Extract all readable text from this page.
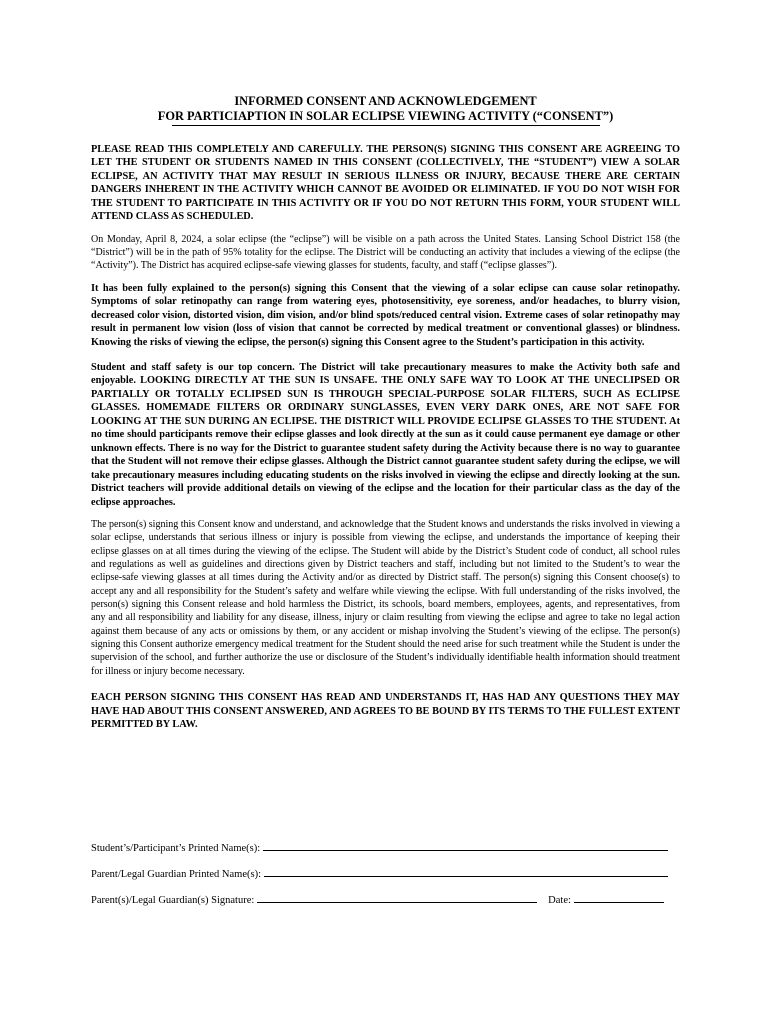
INFORMED CONSENT AND ACKNOWLEDGEMENT

FOR PARTICIAPTION IN SOLAR ECLIPSE VIEWING ACTIVITY (“CONSENT”)

PLEASE READ THIS COMPLETELY AND CAREFULLY. THE PERSON(S) SIGNING THIS CONSENT ARE AGREEING TO LET THE STUDENT OR STUDENTS NAMED IN THIS CONSENT (COLLECTIVELY, THE “STUDENT”) VIEW A SOLAR ECLIPSE, AN ACTIVITY THAT MAY RESULT IN SERIOUS ILLNESS OR INJURY, BECAUSE THERE ARE CERTAIN DANGERS INHERENT IN THE ACTIVITY WHICH CANNOT BE AVOIDED OR ELIMINATED. IF YOU DO NOT WISH FOR THE STUDENT TO PARTICIPATE IN THIS ACTIVITY OR IF YOU DO NOT RETURN THIS FORM, YOUR STUDENT WILL ATTEND CLASS AS SCHEDULED.

On Monday, April 8, 2024, a solar eclipse (the “eclipse”) will be visible on a path across the United States. Lansing School District 158 (the “District”) will be in the path of 95% totality for the eclipse. The District will be conducting an activity that includes a viewing of the eclipse (the “Activity”). The District has acquired eclipse-safe viewing glasses for students, faculty, and staff (“eclipse glasses”).

It has been fully explained to the person(s) signing this Consent that the viewing of a solar eclipse can cause solar retinopathy. Symptoms of solar retinopathy can range from watering eyes, photosensitivity, eye soreness, and/or headaches, to blurry vision, decreased color vision, distorted vision, dim vision, and/or blind spots/reduced central vision. Extreme cases of solar retinopathy may result in permanent low vision (loss of vision that cannot be corrected by medical treatment or conventional glasses) or blindness. Knowing the risks of viewing the eclipse, the person(s) signing this Consent agree to the Student’s participation in this activity.

Student and staff safety is our top concern. The District will take precautionary measures to make the Activity both safe and enjoyable. LOOKING DIRECTLY AT THE SUN IS UNSAFE. THE ONLY SAFE WAY TO LOOK AT THE UNECLIPSED OR PARTIALLY OR TOTALLY ECLIPSED SUN IS THROUGH SPECIAL-PURPOSE SOLAR FILTERS, SUCH AS ECLIPSE GLASSES. HOMEMADE FILTERS OR ORDINARY SUNGLASSES, EVEN VERY DARK ONES, ARE NOT SAFE FOR LOOKING AT THE SUN DURING AN ECLIPSE. THE DISTRICT WILL PROVIDE ECLIPSE GLASSES TO THE STUDENT. At no time should participants remove their eclipse glasses and look directly at the sun as it could cause permanent eye damage or other unknown effects. There is no way for the District to guarantee student safety during the Activity because there is no way to guarantee that the Student will not remove their eclipse glasses. Although the District cannot guarantee student safety during the eclipse, we will take precautionary measures including educating students on the risks involved in viewing the eclipse and directly looking at the sun. District teachers will provide additional details on viewing of the eclipse and the location for their particular class as the day of the eclipse approaches.

The person(s) signing this Consent know and understand, and acknowledge that the Student knows and understands the risks involved in viewing a solar eclipse, understands that serious illness or injury is possible from viewing the eclipse, and understands the importance of keeping their eclipse glasses on at all times during the viewing of the eclipse. The Student will abide by the District’s Student code of conduct, all school rules and regulations as well as guidelines and directions given by District teachers and staff, including but not limited to the Student’s to wear the eclipse-safe viewing glasses at all times during the Activity and/or as directed by District staff. The person(s) signing this Consent choose(s) to accept any and all responsibility for the Student’s safety and welfare while viewing the eclipse. With full understanding of the risks involved, the person(s) signing this Consent release and hold harmless the District, its schools, board members, employees, agents, and representatives, from any and all responsibility and liability for any disease, illness, injury or claim resulting from viewing the eclipse and agree to take no legal action against them because of any acts or omissions by them, or any accident or mishap involving the Student’s viewing of the eclipse. The person(s) signing this Consent authorize emergency medical treatment for the Student should the need arise for such treatment while the Student is under the supervision of the school, and further authorize the use or disclosure of the Student’s individually identifiable health information should treatment for illness or injury become necessary.

EACH PERSON SIGNING THIS CONSENT HAS READ AND UNDERSTANDS IT, HAS HAD ANY QUESTIONS THEY MAY HAVE HAD ABOUT THIS CONSENT ANSWERED, AND AGREES TO BE BOUND BY ITS TERMS TO THE FULLEST EXTENT PERMITTED BY LAW.

Student’s/Participant’s Printed Name(s):
Parent/Legal Guardian Printed Name(s):
Parent(s)/Legal Guardian(s) Signature:	Date:
